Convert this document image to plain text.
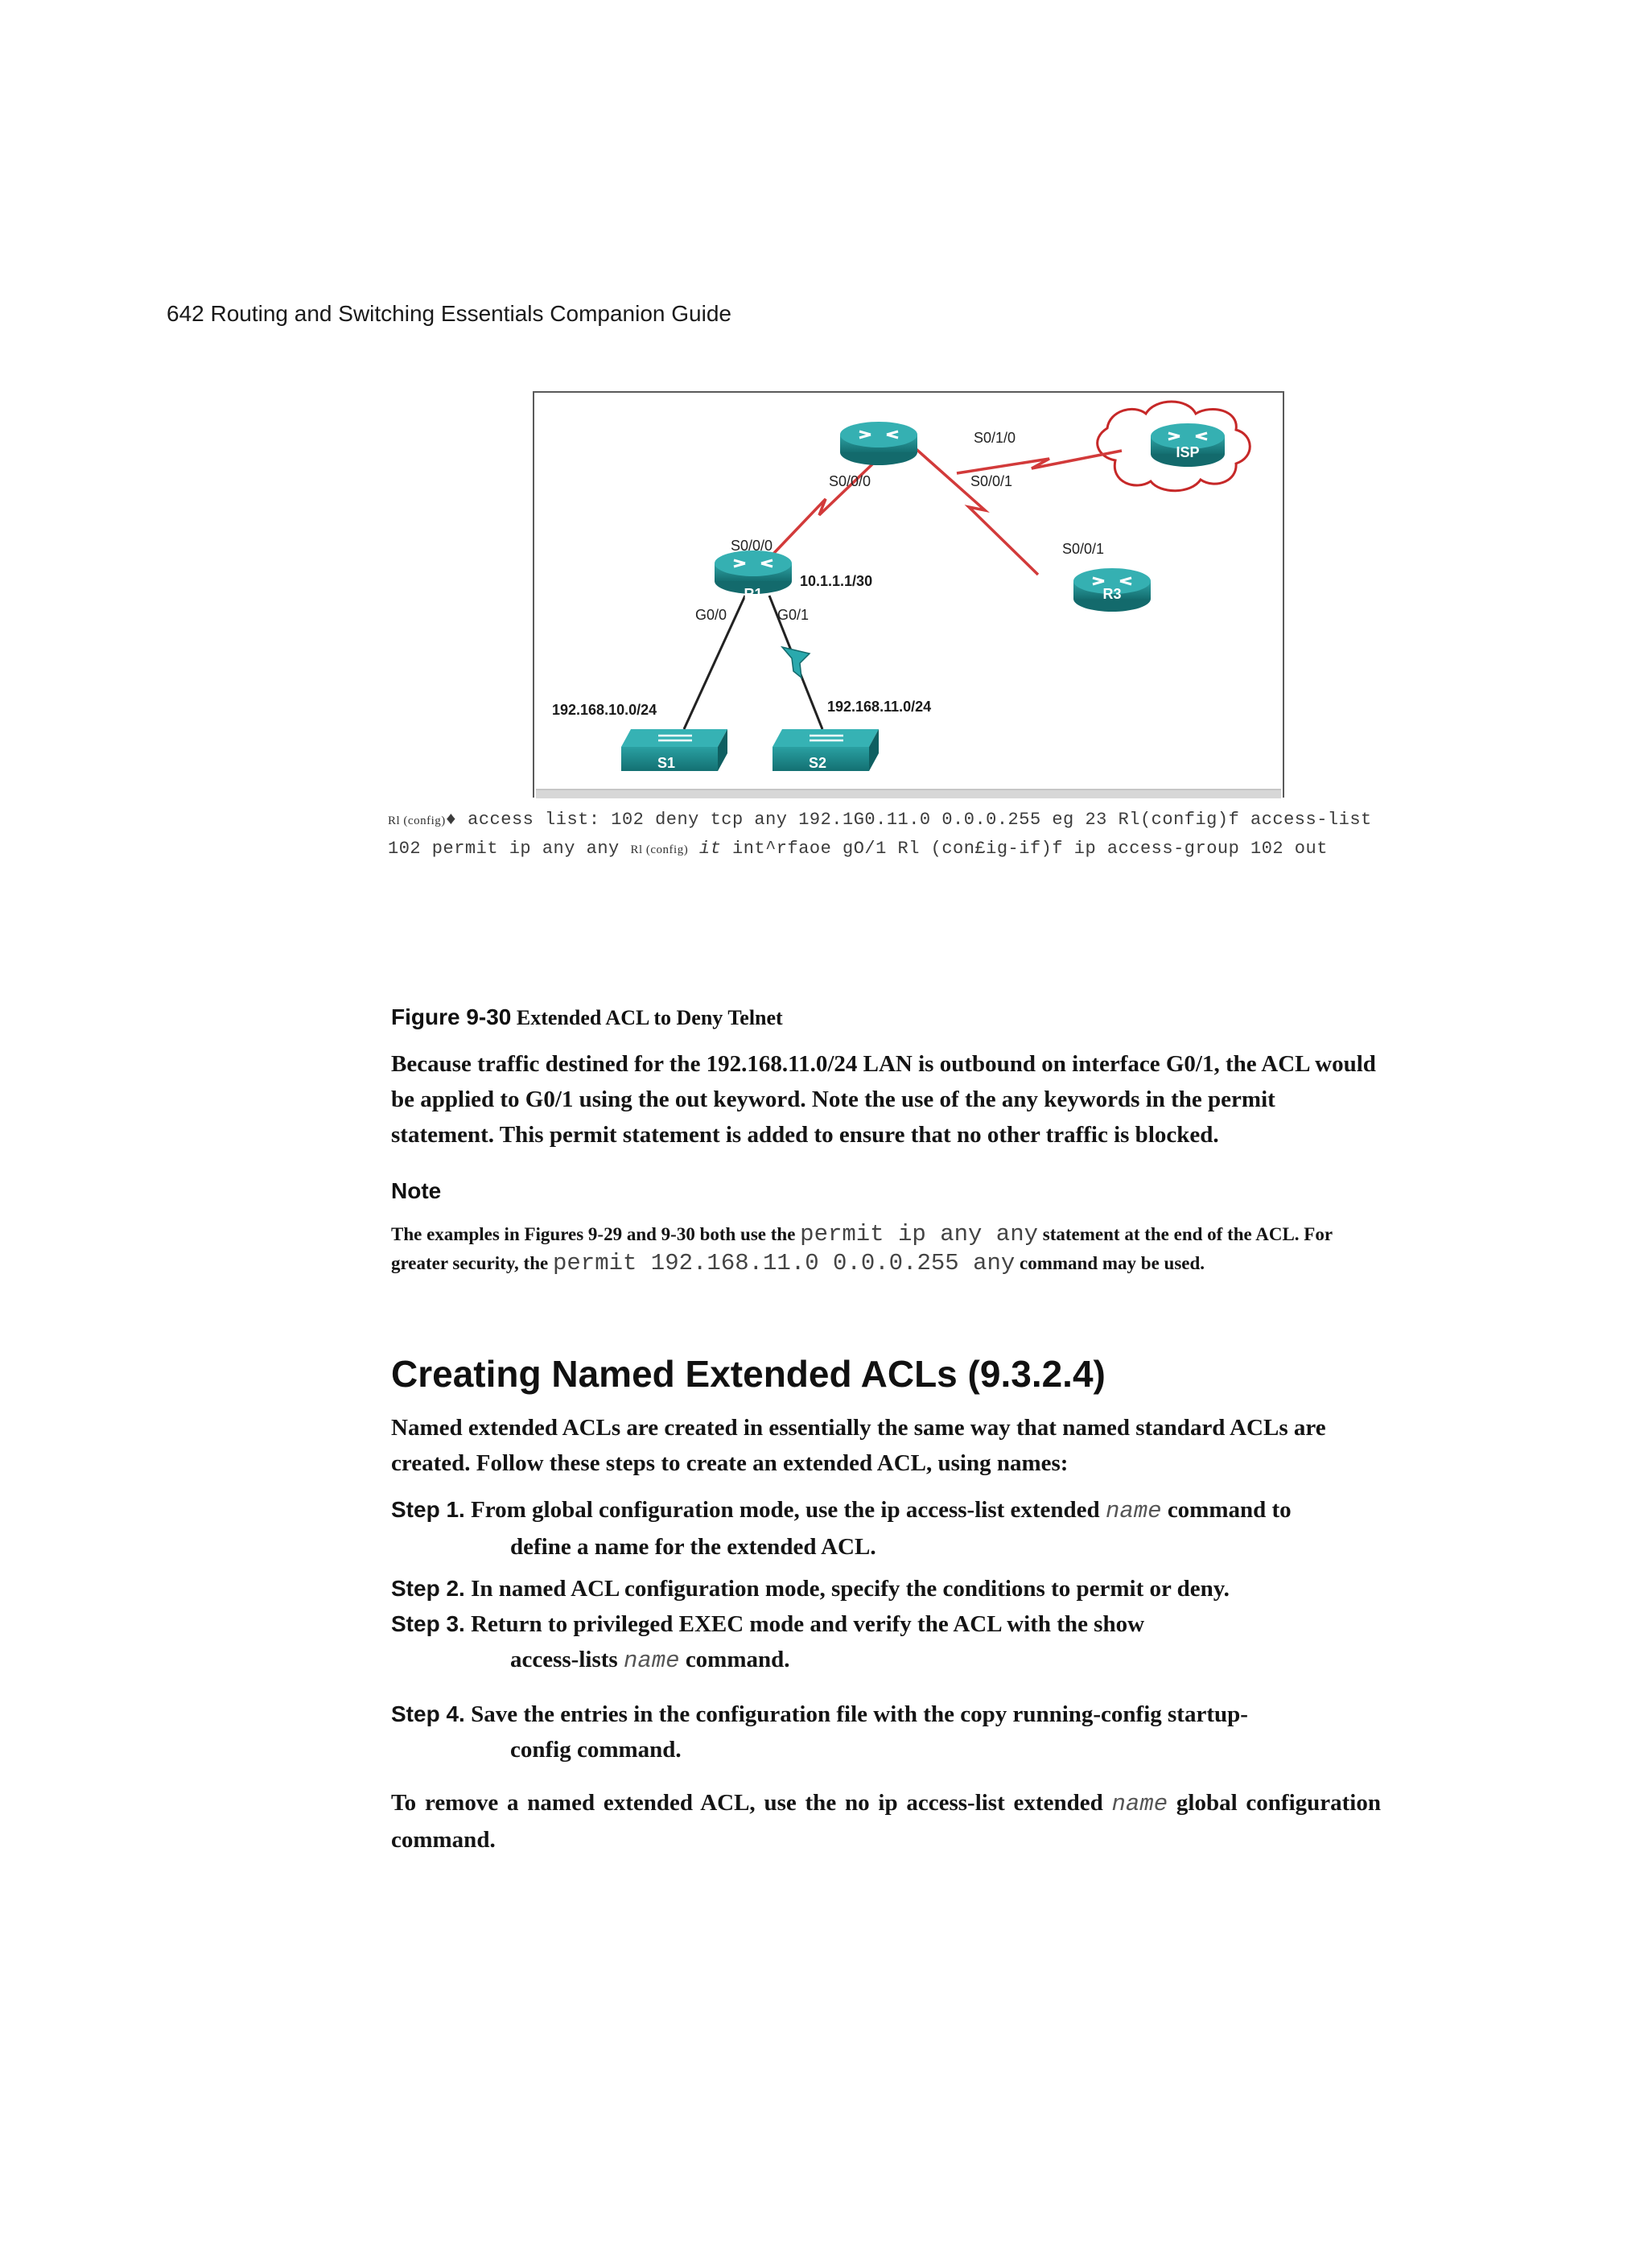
642 Routing and Switching Essentials Companion Guide
S0/1/0
S0/0/0	S0/0/1
S0/0/0	S0/0/1
G0/0	G0/1
10.1.1.1/30
192.168.10.0/24	192.168.11.0/24
R2
R1	R3
ISP
S1	S2
Rl (config)♦ access list: 102 deny tcp any 192.1G0.11.0 0.0.0.255 eg 23 Rl(config)f access-list
102 permit ip any any Rl (config) it int^rfaoe gO/1 Rl (con£ig-if)f ip access-group 102 out
Figure 9-30 Extended ACL to Deny Telnet
Because traffic destined for the 192.168.11.0/24 LAN is outbound on interface G0/1, the ACL would be applied to G0/1 using the out keyword. Note the use of the any keywords in the permit statement. This permit statement is added to ensure that no other traffic is blocked.
Note
The examples in Figures 9-29 and 9-30 both use the permit ip any any statement at the end of the ACL. For greater security, the permit 192.168.11.0 0.0.0.255 any command may be used.
Creating Named Extended ACLs (9.3.2.4)
Named extended ACLs are created in essentially the same way that named standard ACLs are created. Follow these steps to create an extended ACL, using names:
Step 1. From global configuration mode, use the ip access-list extended name command to
define a name for the extended ACL.
Step 2. In named ACL configuration mode, specify the conditions to permit or deny.
Step 3. Return to privileged EXEC mode and verify the ACL with the show
access-lists name command.
Step 4. Save the entries in the configuration file with the copy running-config startup-
config command.
To remove a named extended ACL, use the no ip access-list extended name global configuration command.
